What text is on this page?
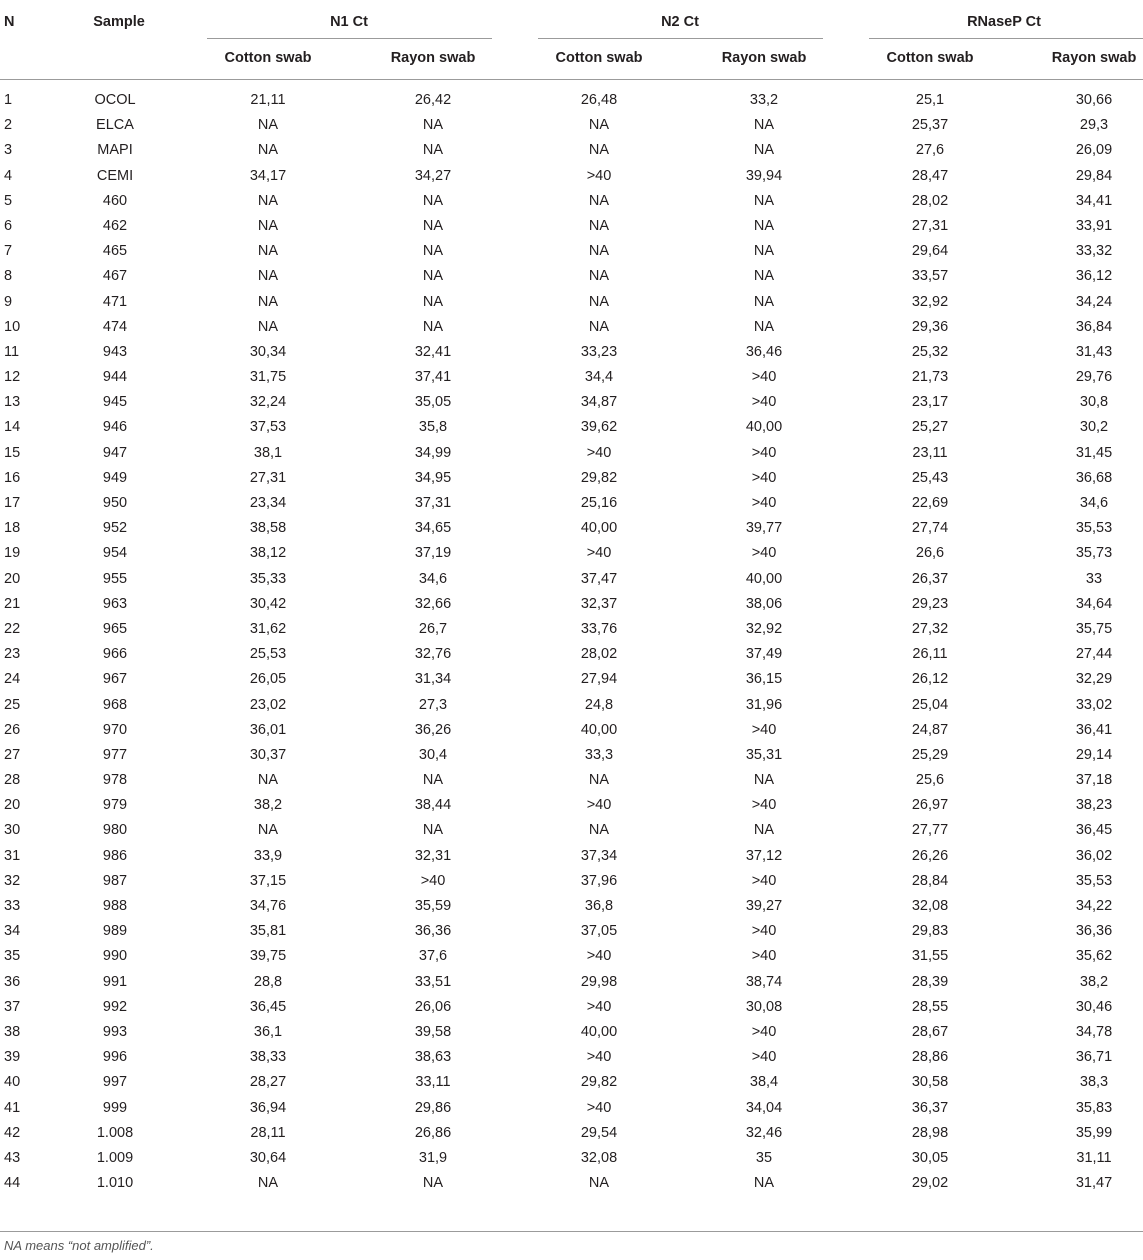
N	Sample	N1 Ct	N2 Ct	RNaseP Ct
Cotton swab	Rayon swab	Cotton swab	Rayon swab	Cotton swab	Rayon swab
1	OCOL	21,11	26,42	26,48	33,2	25,1	30,66
2	ELCA	NA	NA	NA	NA	25,37	29,3
3	MAPI	NA	NA	NA	NA	27,6	26,09
4	CEMI	34,17	34,27	>40	39,94	28,47	29,84
5	460	NA	NA	NA	NA	28,02	34,41
6	462	NA	NA	NA	NA	27,31	33,91
7	465	NA	NA	NA	NA	29,64	33,32
8	467	NA	NA	NA	NA	33,57	36,12
9	471	NA	NA	NA	NA	32,92	34,24
10	474	NA	NA	NA	NA	29,36	36,84
11	943	30,34	32,41	33,23	36,46	25,32	31,43
12	944	31,75	37,41	34,4	>40	21,73	29,76
13	945	32,24	35,05	34,87	>40	23,17	30,8
14	946	37,53	35,8	39,62	40,00	25,27	30,2
15	947	38,1	34,99	>40	>40	23,11	31,45
16	949	27,31	34,95	29,82	>40	25,43	36,68
17	950	23,34	37,31	25,16	>40	22,69	34,6
18	952	38,58	34,65	40,00	39,77	27,74	35,53
19	954	38,12	37,19	>40	>40	26,6	35,73
20	955	35,33	34,6	37,47	40,00	26,37	33
21	963	30,42	32,66	32,37	38,06	29,23	34,64
22	965	31,62	26,7	33,76	32,92	27,32	35,75
23	966	25,53	32,76	28,02	37,49	26,11	27,44
24	967	26,05	31,34	27,94	36,15	26,12	32,29
25	968	23,02	27,3	24,8	31,96	25,04	33,02
26	970	36,01	36,26	40,00	>40	24,87	36,41
27	977	30,37	30,4	33,3	35,31	25,29	29,14
28	978	NA	NA	NA	NA	25,6	37,18
20	979	38,2	38,44	>40	>40	26,97	38,23
30	980	NA	NA	NA	NA	27,77	36,45
31	986	33,9	32,31	37,34	37,12	26,26	36,02
32	987	37,15	>40	37,96	>40	28,84	35,53
33	988	34,76	35,59	36,8	39,27	32,08	34,22
34	989	35,81	36,36	37,05	>40	29,83	36,36
35	990	39,75	37,6	>40	>40	31,55	35,62
36	991	28,8	33,51	29,98	38,74	28,39	38,2
37	992	36,45	26,06	>40	30,08	28,55	30,46
38	993	36,1	39,58	40,00	>40	28,67	34,78
39	996	38,33	38,63	>40	>40	28,86	36,71
40	997	28,27	33,11	29,82	38,4	30,58	38,3
41	999	36,94	29,86	>40	34,04	36,37	35,83
42	1.008	28,11	26,86	29,54	32,46	28,98	35,99
43	1.009	30,64	31,9	32,08	35	30,05	31,11
44	1.010	NA	NA	NA	NA	29,02	31,47
NA means “not amplified”.
